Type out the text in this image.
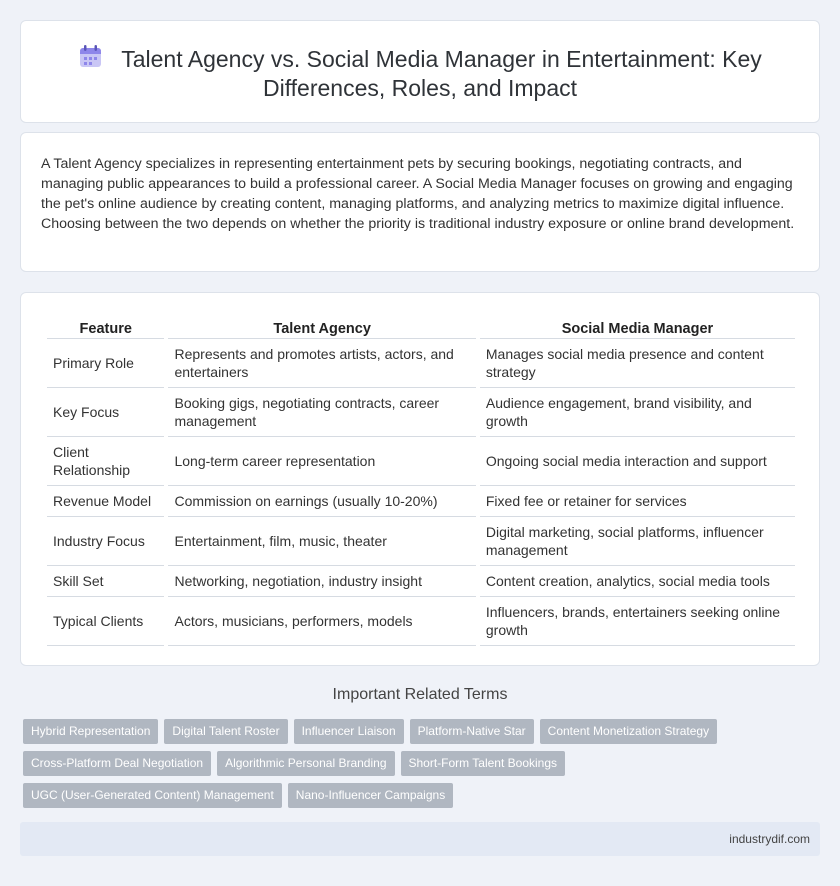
Talent Agency vs. Social Media Manager in Entertainment: Key Differences, Roles, and Impact

A Talent Agency specializes in representing entertainment pets by securing bookings, negotiating contracts, and managing public appearances to build a professional career. A Social Media Manager focuses on growing and engaging the pet's online audience by creating content, managing platforms, and analyzing metrics to maximize digital influence. Choosing between the two depends on whether the priority is traditional industry exposure or online brand development.

Feature	Talent Agency	Social Media Manager
Primary Role	Represents and promotes artists, actors, and entertainers	Manages social media presence and content strategy
Key Focus	Booking gigs, negotiating contracts, career management	Audience engagement, brand visibility, and growth
Client Relationship	Long-term career representation	Ongoing social media interaction and support
Revenue Model	Commission on earnings (usually 10-20%)	Fixed fee or retainer for services
Industry Focus	Entertainment, film, music, theater	Digital marketing, social platforms, influencer management
Skill Set	Networking, negotiation, industry insight	Content creation, analytics, social media tools
Typical Clients	Actors, musicians, performers, models	Influencers, brands, entertainers seeking online growth
Important Related Terms
Hybrid Representation Digital Talent Roster Influencer Liaison Platform-Native Star Content Monetization Strategy
Cross-Platform Deal Negotiation Algorithmic Personal Branding Short-Form Talent Bookings
UGC (User-Generated Content) Management Nano-Influencer Campaigns
industrydif.com
